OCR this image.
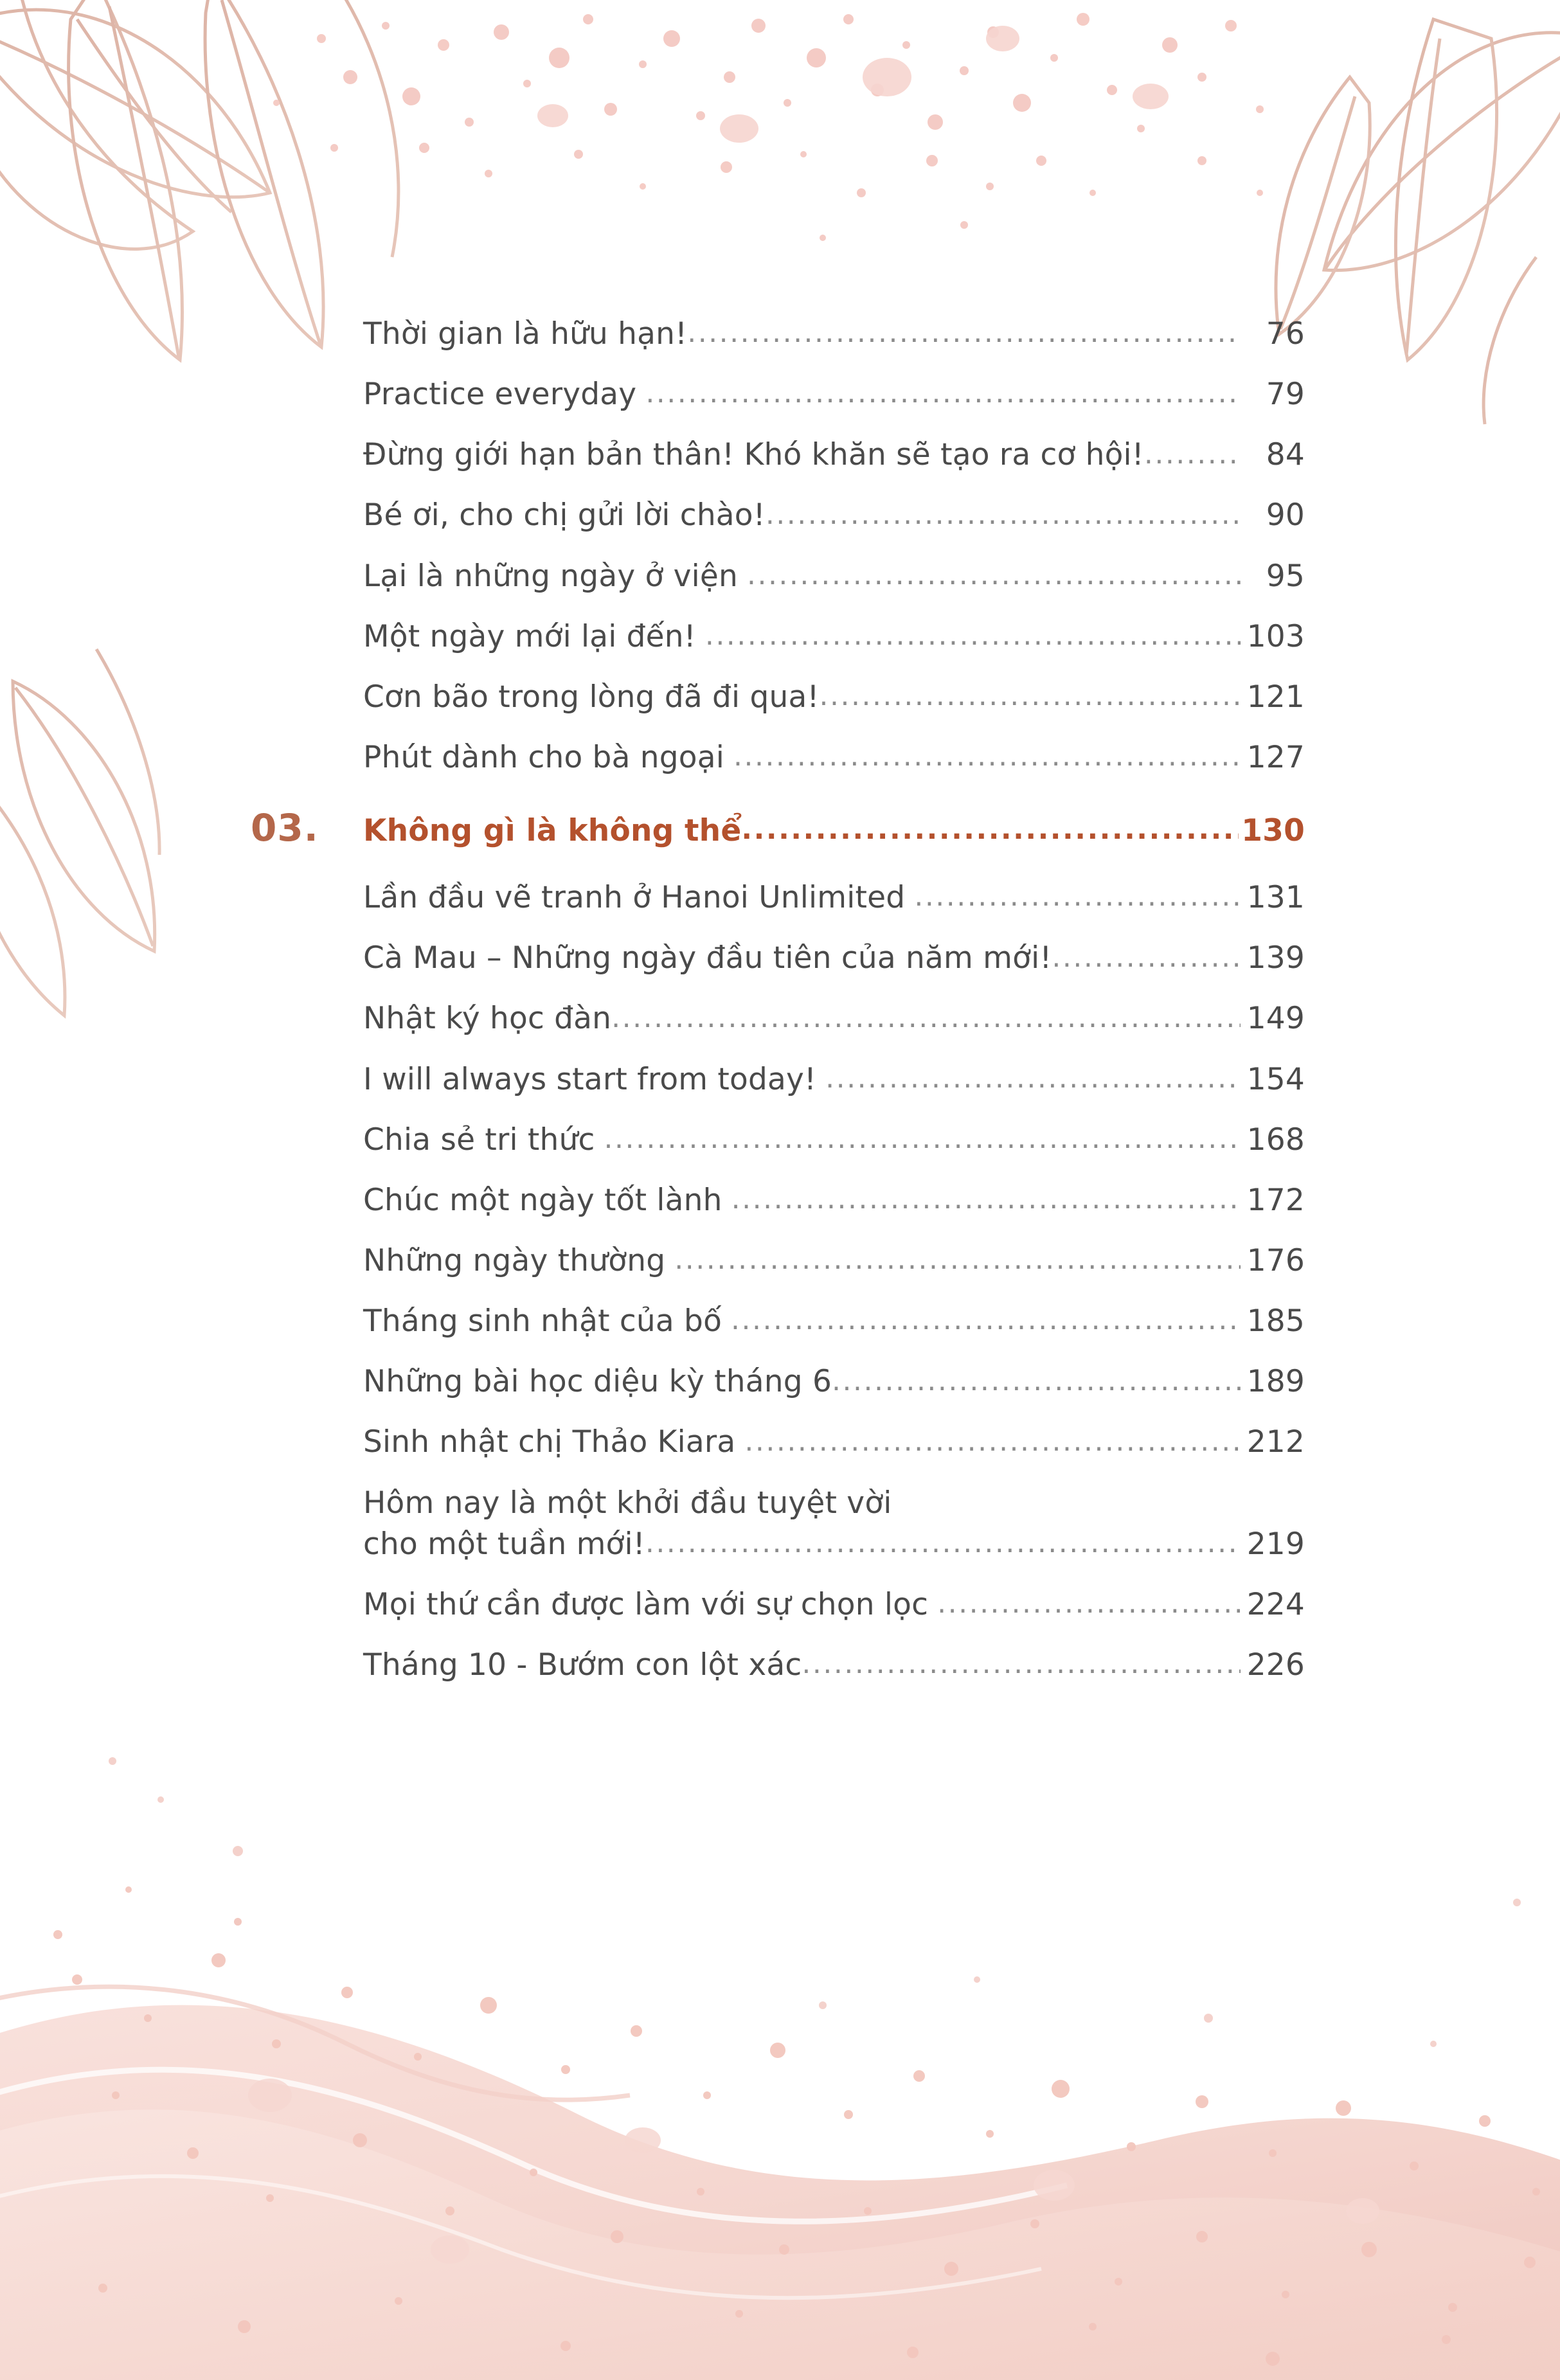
Thời gian là hữu hạn! .....	76
Practice everyday .....	79
Đừng giới hạn bản thân! Khó khăn sẽ tạo ra cơ hội! .....	84
Bé ơi, cho chị gửi lời chào! .....	90
Lại là những ngày ở viện .....	95
Một ngày mới lại đến! .....	103
Cơn bão trong lòng đã đi qua! .....	121
Phút dành cho bà ngoại .....	127
03.	Không gì là không thể .....	130
Lần đầu vẽ tranh ở Hanoi Unlimited .....	131
Cà Mau – Những ngày đầu tiên của năm mới! .....	139
Nhật ký học đàn .....	149
I will always start from today! .....	154
Chia sẻ tri thức .....	168
Chúc một ngày tốt lành .....	172
Những ngày thường .....	176
Tháng sinh nhật của bố .....	185
Những bài học diệu kỳ tháng 6 .....	189
Sinh nhật chị Thảo Kiara .....	212
Hôm nay là một khởi đầu tuyệt vời
cho một tuần mới! .....	219
Mọi thứ cần được làm với sự chọn lọc .....	224
Tháng 10 - Bướm con lột xác .....	226
